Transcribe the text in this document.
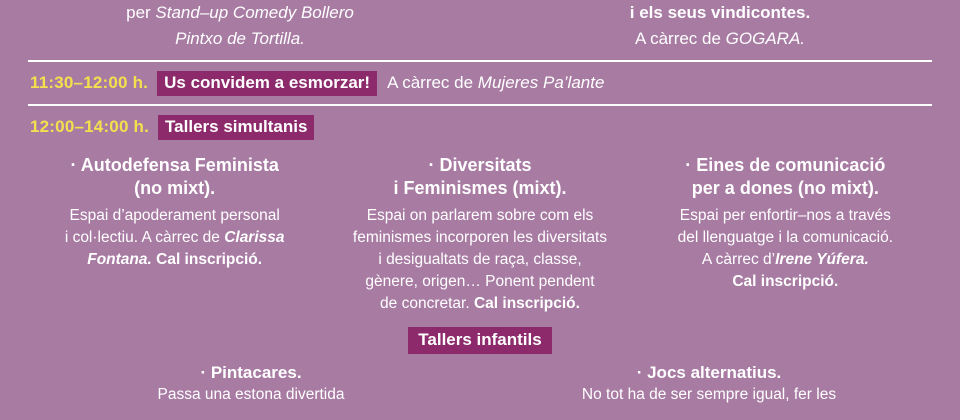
per Stand–up Comedy Bollero
Pintxo de Tortilla.
i els seus vindicontes.
A càrrec de GOGARA.
11:30–12:00 h. Us convidem a esmorzar!	A càrrec de Mujeres Pa’lante
12:00–14:00 h. Tallers simultanis
· Autodefensa Feminista
(no mixt).
Espai d’apoderament personal
i col·lectiu. A càrrec de Clarissa
Fontana. Cal inscripció.
· Diversitats
i Feminismes (mixt).
Espai on parlarem sobre com els
feminismes incorporen les diversitats
i desigualtats de raça, classe,
gènere, origen… Ponent pendent
de concretar. Cal inscripció.
· Eines de comunicació
per a dones (no mixt).
Espai per enfortir–nos a través
del llenguatge i la comunicació.
A càrrec d’Irene Yúfera.
Cal inscripció.
Tallers infantils
· Pintacares.
Passa una estona divertida
· Jocs alternatius.
No tot ha de ser sempre igual, fer les
